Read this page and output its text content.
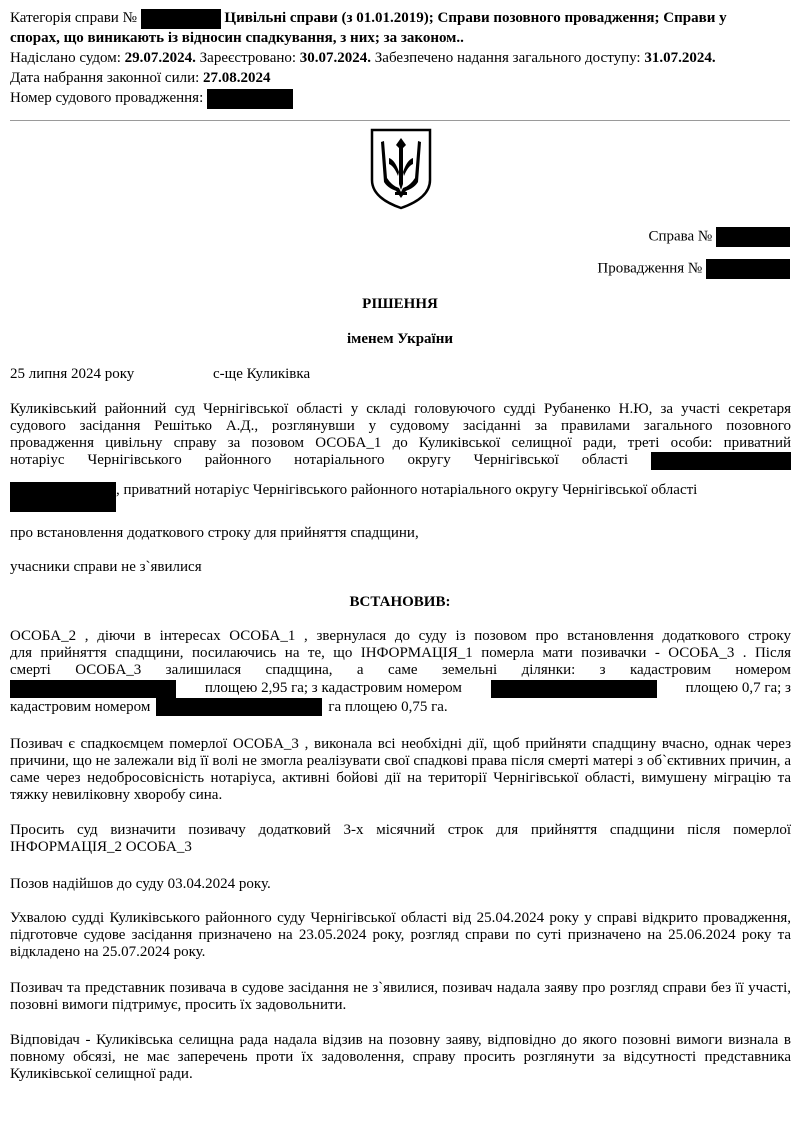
Категорія справи №	Цивільні справи (з 01.01.2019); Справи позовного провадження; Справи у
спорах, що виникають із відносин спадкування, з них; за законом..
Надіслано судом: 29.07.2024. Зареєстровано: 30.07.2024. Забезпечено надання загального доступу: 31.07.2024.
Дата набрання законної сили: 27.08.2024
Номер судового провадження:
Справа №
Провадження №
РІШЕННЯ
іменем України
25 липня 2024 року	с-ще Куликівка
Куликівський районний суд Чернігівської області у складі головуючого судді Рубаненко Н.Ю, за участі секретаря
судового засідання Решітько А.Д., розглянувши у судовому засіданні за правилами загального позовного
провадження цивільну справу за позовом ОСОБА_1 до Куликівської селищної ради, треті особи: приватний
нотаріус Чернігівського районного нотаріального округу Чернігівської області
, приватний нотаріус Чернігівського районного нотаріального округу Чернігівської області
про встановлення додаткового строку для прийняття спадщини,
учасники справи не з`явилися
ВСТАНОВИВ:
ОСОБА_2 , діючи в інтересах ОСОБА_1 , звернулася до суду із позовом про встановлення додаткового строку
для прийняття спадщини, посилаючись на те, що ІНФОРМАЦІЯ_1 померла мати позивачки - ОСОБА_3 . Після
смерті ОСОБА_3 залишилася спадщина, а саме земельні ділянки: з кадастровим номером
площею 2,95 га; з кадастровим номером	площею 0,7 га; з
кадастровим номером	га площею 0,75 га.
Позивач є спадкоємцем померлої ОСОБА_3 , виконала всі необхідні дії, щоб прийняти спадщину вчасно, однак через причини, що не залежали від її волі не змогла реалізувати свої спадкові права після смерті матері з об`єктивних причин, а саме через недобросовісність нотаріуса, активні бойові дії на території Чернігівської області, вимушену міграцію та тяжку невиліковну хворобу сина.
Просить суд визначити позивачу додатковий 3-х місячний строк для прийняття спадщини після померлої ІНФОРМАЦІЯ_2 ОСОБА_3
Позов надійшов до суду 03.04.2024 року.
Ухвалою судді Куликівського районного суду Чернігівської області від 25.04.2024 року у справі відкрито провадження, підготовче судове засідання призначено на 23.05.2024 року, розгляд справи по суті призначено на 25.06.2024 року та відкладено на 25.07.2024 року.
Позивач та представник позивача в судове засідання не з`явилися, позивач надала заяву про розгляд справи без її участі, позовні вимоги підтримує, просить їх задовольнити.
Відповідач - Куликівська селищна рада надала відзив на позовну заяву, відповідно до якого позовні вимоги визнала в повному обсязі, не має заперечень проти їх задоволення, справу просить розглянути за відсутності представника Куликівської селищної ради.
